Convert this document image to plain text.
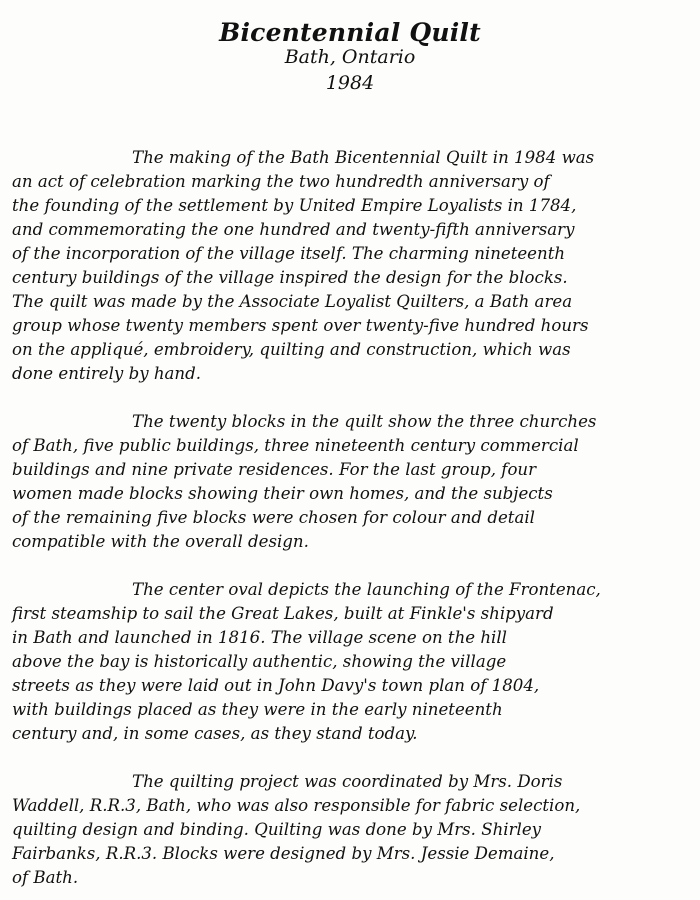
Bicentennial Quilt
Bath, Ontario
1984
The making of the Bath Bicentennial Quilt in 1984 was
an act of celebration marking the two hundredth anniversary of
the founding of the settlement by United Empire Loyalists in 1784,
and commemorating the one hundred and twenty-fifth anniversary
of the incorporation of the village itself. The charming nineteenth
century buildings of the village inspired the design for the blocks.
The quilt was made by the Associate Loyalist Quilters, a Bath area
group whose twenty members spent over twenty-five hundred hours
on the appliqué, embroidery, quilting and construction, which was
done entirely by hand.
The twenty blocks in the quilt show the three churches
of Bath, five public buildings, three nineteenth century commercial
buildings and nine private residences. For the last group, four
women made blocks showing their own homes, and the subjects
of the remaining five blocks were chosen for colour and detail
compatible with the overall design.
The center oval depicts the launching of the Frontenac,
first steamship to sail the Great Lakes, built at Finkle's shipyard
in Bath and launched in 1816. The village scene on the hill
above the bay is historically authentic, showing the village
streets as they were laid out in John Davy's town plan of 1804,
with buildings placed as they were in the early nineteenth
century and, in some cases, as they stand today.
The quilting project was coordinated by Mrs. Doris
Waddell, R.R.3, Bath, who was also responsible for fabric selection,
quilting design and binding. Quilting was done by Mrs. Shirley
Fairbanks, R.R.3. Blocks were designed by Mrs. Jessie Demaine,
of Bath.
